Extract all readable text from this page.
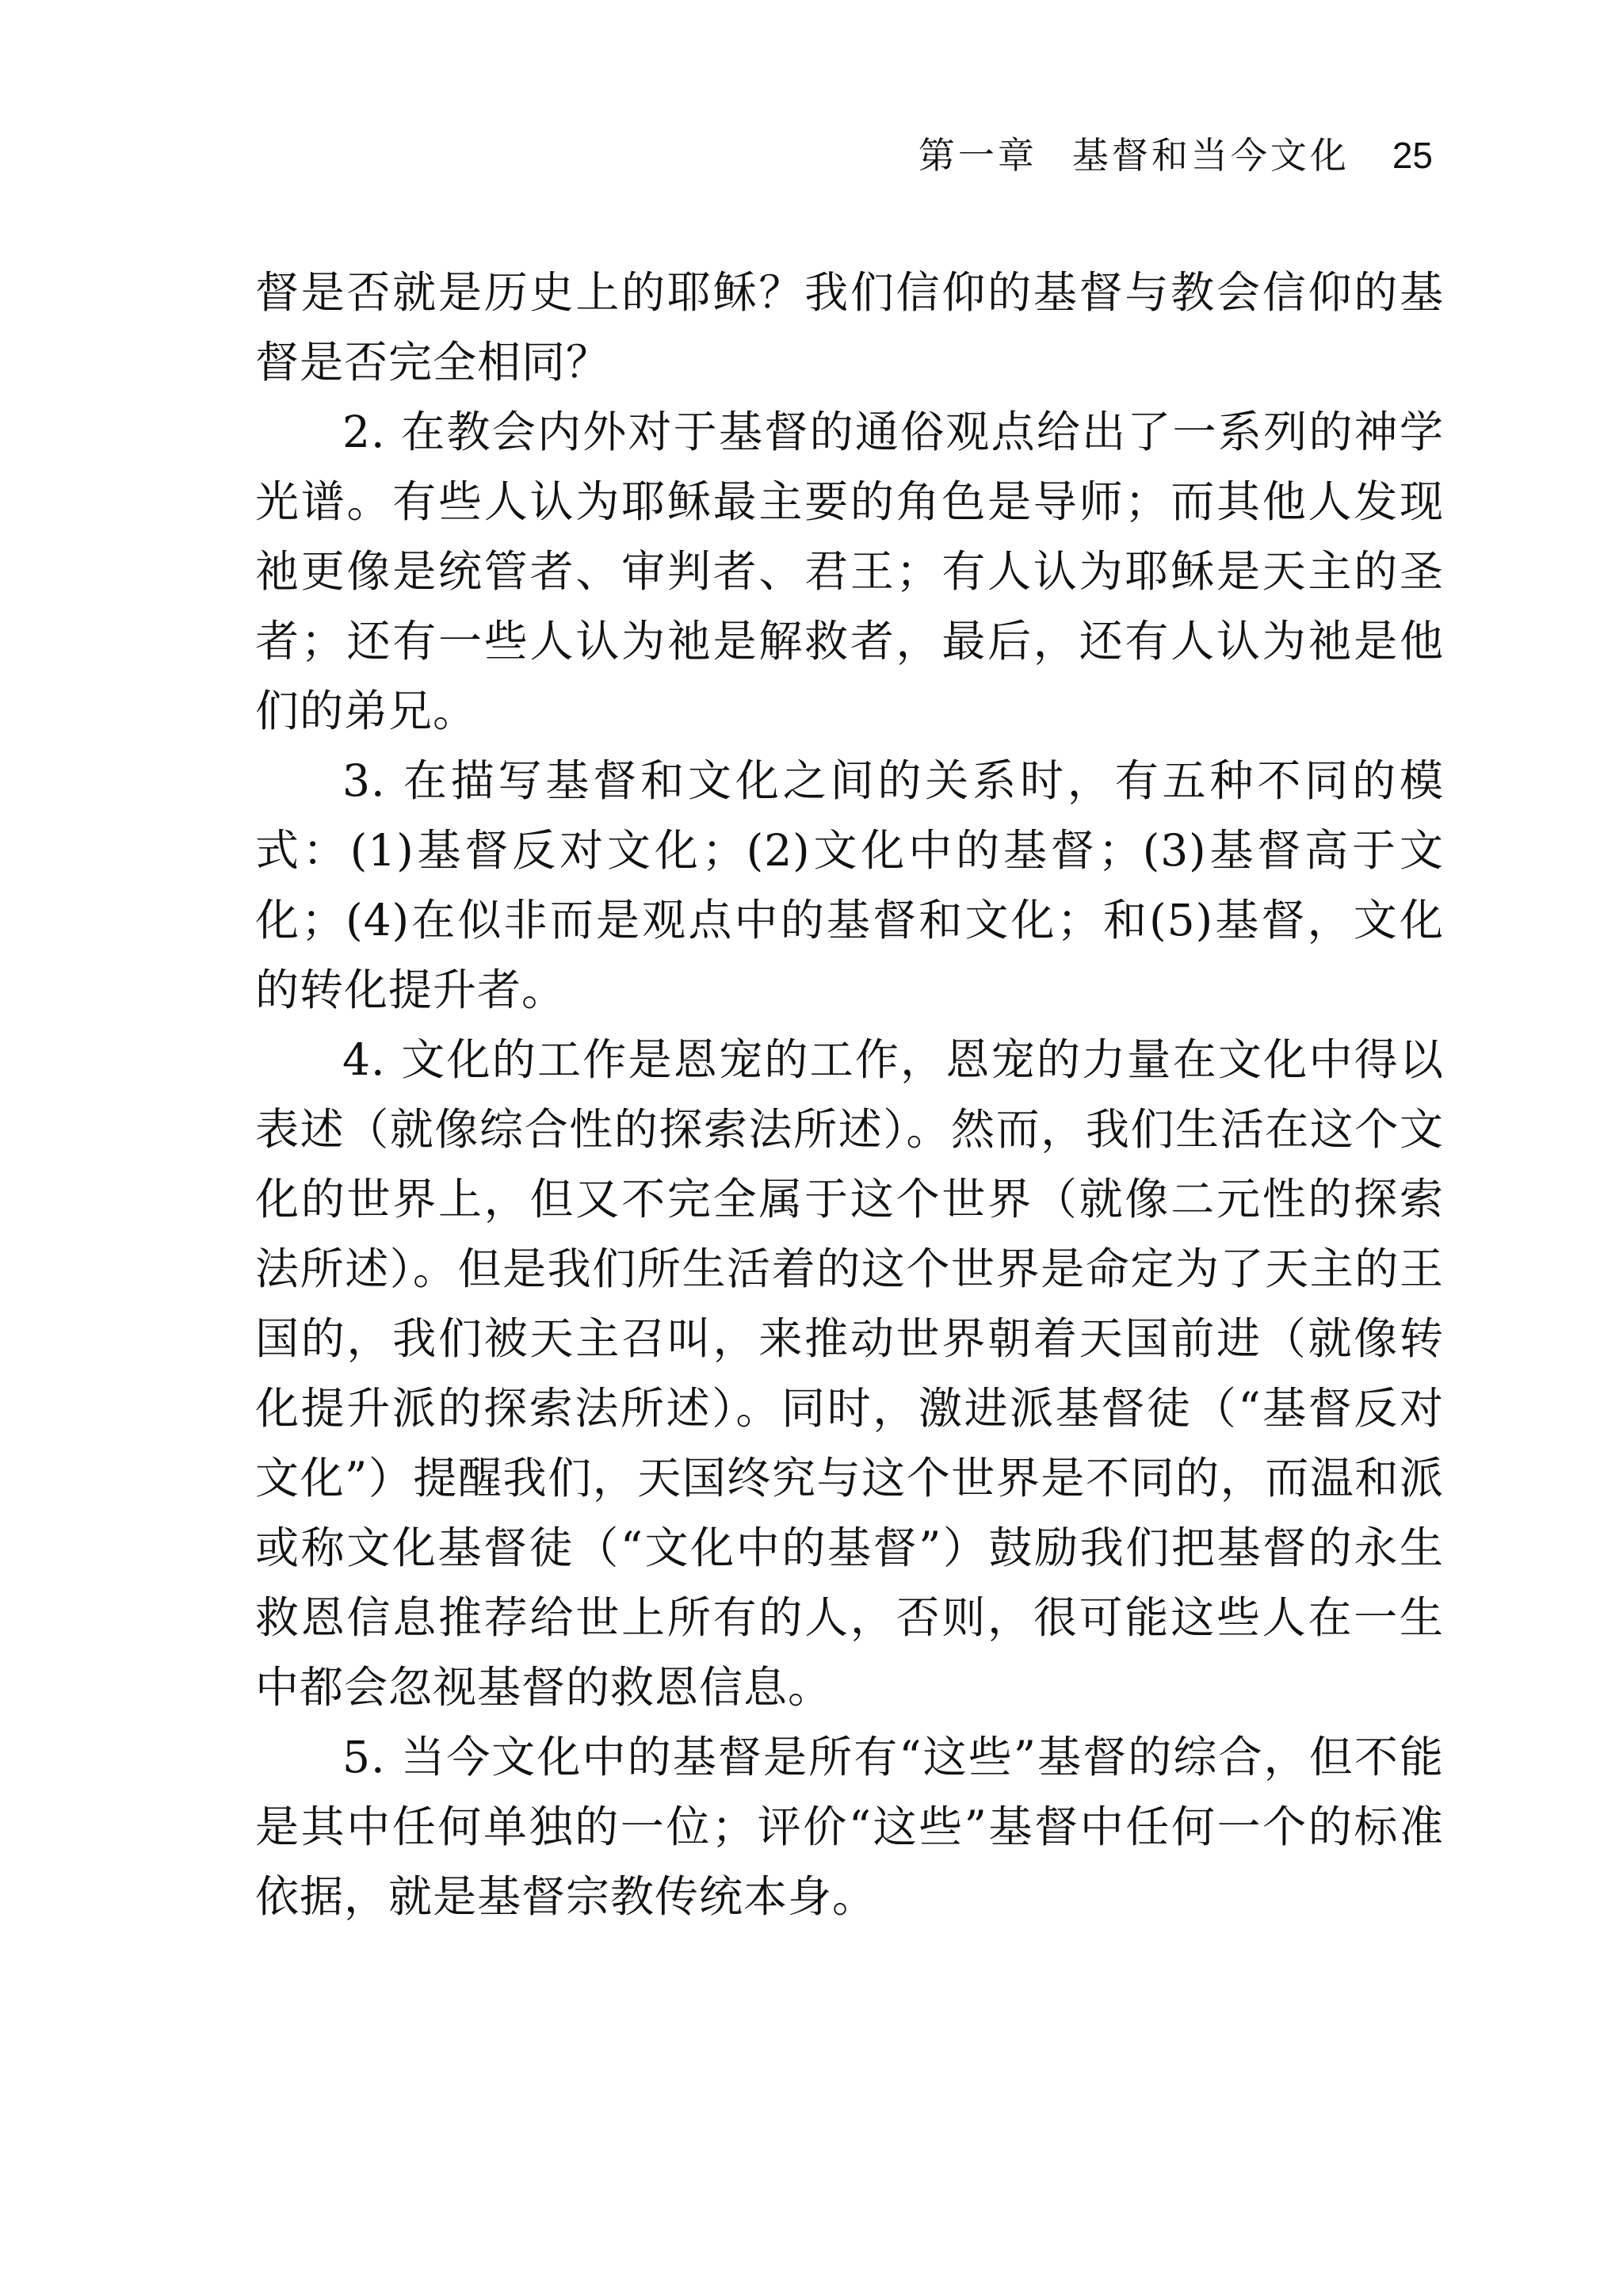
第一章 基督和当今文化 25

督是否就是历史上的耶稣？我们信仰的基督与教会信仰的基督是否完全相同？

2. 在教会内外对于基督的通俗观点给出了一系列的神学光谱。有些人认为耶稣最主要的角色是导师；而其他人发现祂更像是统管者、审判者、君王；有人认为耶稣是天主的圣者；还有一些人认为祂是解救者，最后，还有人认为祂是他们的弟兄。

3. 在描写基督和文化之间的关系时，有五种不同的模式：(1)基督反对文化；(2)文化中的基督；(3)基督高于文化；(4)在似非而是观点中的基督和文化；和(5)基督，文化的转化提升者。

4. 文化的工作是恩宠的工作，恩宠的力量在文化中得以表述（就像综合性的探索法所述）。然而，我们生活在这个文化的世界上，但又不完全属于这个世界（就像二元性的探索法所述）。但是我们所生活着的这个世界是命定为了天主的王国的，我们被天主召叫，来推动世界朝着天国前进（就像转化提升派的探索法所述）。同时，激进派基督徒（“基督反对文化”）提醒我们，天国终究与这个世界是不同的，而温和派或称文化基督徒（“文化中的基督”）鼓励我们把基督的永生救恩信息推荐给世上所有的人，否则，很可能这些人在一生中都会忽视基督的救恩信息。

5. 当今文化中的基督是所有“这些”基督的综合，但不能是其中任何单独的一位；评价“这些”基督中任何一个的标准依据，就是基督宗教传统本身。
